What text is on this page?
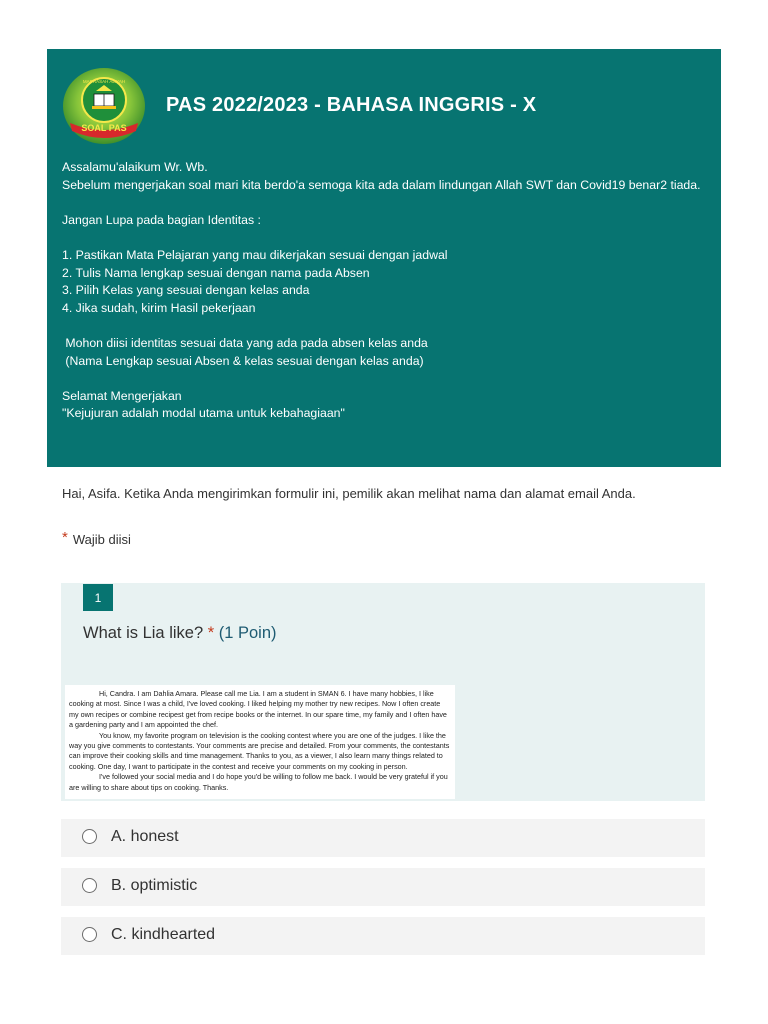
MADRASAH ALIYAH
SOAL PAS
PAS 2022/2023 - BAHASA INGGRIS - X
Assalamu'alaikum Wr. Wb.
Sebelum mengerjakan soal mari kita berdo'a semoga kita ada dalam lindungan Allah SWT dan Covid19 benar2 tiada.
Jangan Lupa pada bagian Identitas :
1. Pastikan Mata Pelajaran yang mau dikerjakan sesuai dengan jadwal
2. Tulis Nama lengkap sesuai dengan nama pada Absen
3. Pilih Kelas yang sesuai dengan kelas anda
4. Jika sudah, kirim Hasil pekerjaan
Mohon diisi identitas sesuai data yang ada pada absen kelas anda
(Nama Lengkap sesuai Absen & kelas sesuai dengan kelas anda)
Selamat Mengerjakan
"Kejujuran adalah modal utama untuk kebahagiaan"
Hai, Asifa. Ketika Anda mengirimkan formulir ini, pemilik akan melihat nama dan alamat email Anda.
* Wajib diisi
1
What is Lia like? * (1 Poin)

Hi, Candra. I am Dahlia Amara. Please call me Lia. I am a student in SMAN 6. I have many hobbies, I like cooking at most. Since I was a child, I've loved cooking. I liked helping my mother try new recipes. Now I often create my own recipes or combine recipest get from recipe books or the internet. In our spare time, my family and I often have a gardening party and I am appointed the chef.

You know, my favorite program on television is the cooking contest where you are one of the judges. I like the way you give comments to contestants. Your comments are precise and detailed. From your comments, the contestants can improve their cooking skills and time management. Thanks to you, as a viewer, I also learn many things related to cooking. One day, I want to participate in the contest and receive your comments on my cooking in person.

I've followed your social media and I do hope you'd be willing to follow me back. I would be very grateful if you are willing to share about tips on cooking. Thanks.

A. honest
B. optimistic
C. kindhearted
